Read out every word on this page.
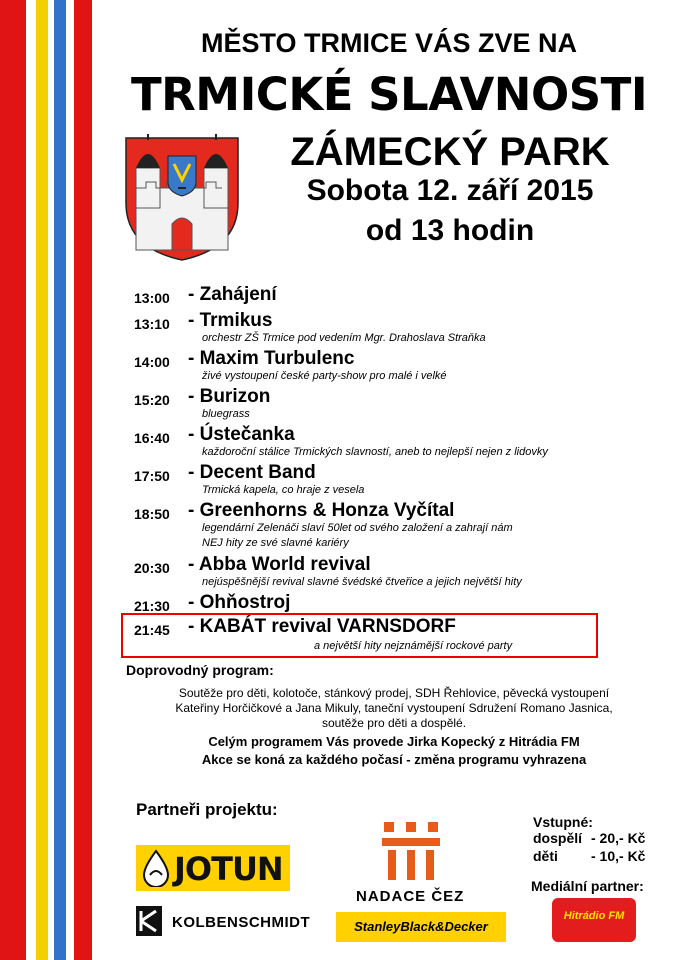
MĚSTO TRMICE VÁS ZVE NA
TRMICKÉ SLAVNOSTI
ZÁMECKÝ PARK
Sobota 12. září 2015
od 13 hodin
13:00 - Zahájení
13:10 - Trmikus
orchestr ZŠ Trmice pod vedením Mgr. Drahoslava Straňka
14:00 - Maxim Turbulenc
živé vystoupení české party-show pro malé i velké
15:20 - Burizon
bluegrass
16:40 - Ústečanka
každoroční stálice Trmických slavností, aneb to nejlepší nejen z lidovky
17:50 - Decent Band
Trmická kapela, co hraje z vesela
18:50 - Greenhorns & Honza Vyčítal
legendární Zelenáči slaví 50let od svého založení a zahrají nám
NEJ hity ze své slavné kariéry
20:30 - Abba World revival
nejúspěšnější revival slavné švédské čtveřice a jejich největší hity
21:30 - Ohňostroj
21:45 - KABÁT revival VARNSDORF
a největší hity nejznámější rockové party
Doprovodný program:
Soutěže pro děti, kolotoče, stánkový prodej, SDH Řehlovice, pěvecká vystoupení
Kateřiny Horčičkové a Jana Mikuly, taneční vystoupení Sdružení Romano Jasnica,
soutěže pro děti a dospělé.
Celým programem Vás provede Jirka Kopecký z Hitrádia FM
Akce se koná za každého počasí - změna programu vyhrazena
Partneři projektu:
JOTUN
KOLBENSCHMIDT
NADACE ČEZ
StanleyBlack&Decker
Vstupné:
dospělí - 20,- Kč
děti - 10,- Kč
Mediální partner:
Hitrádio FM
